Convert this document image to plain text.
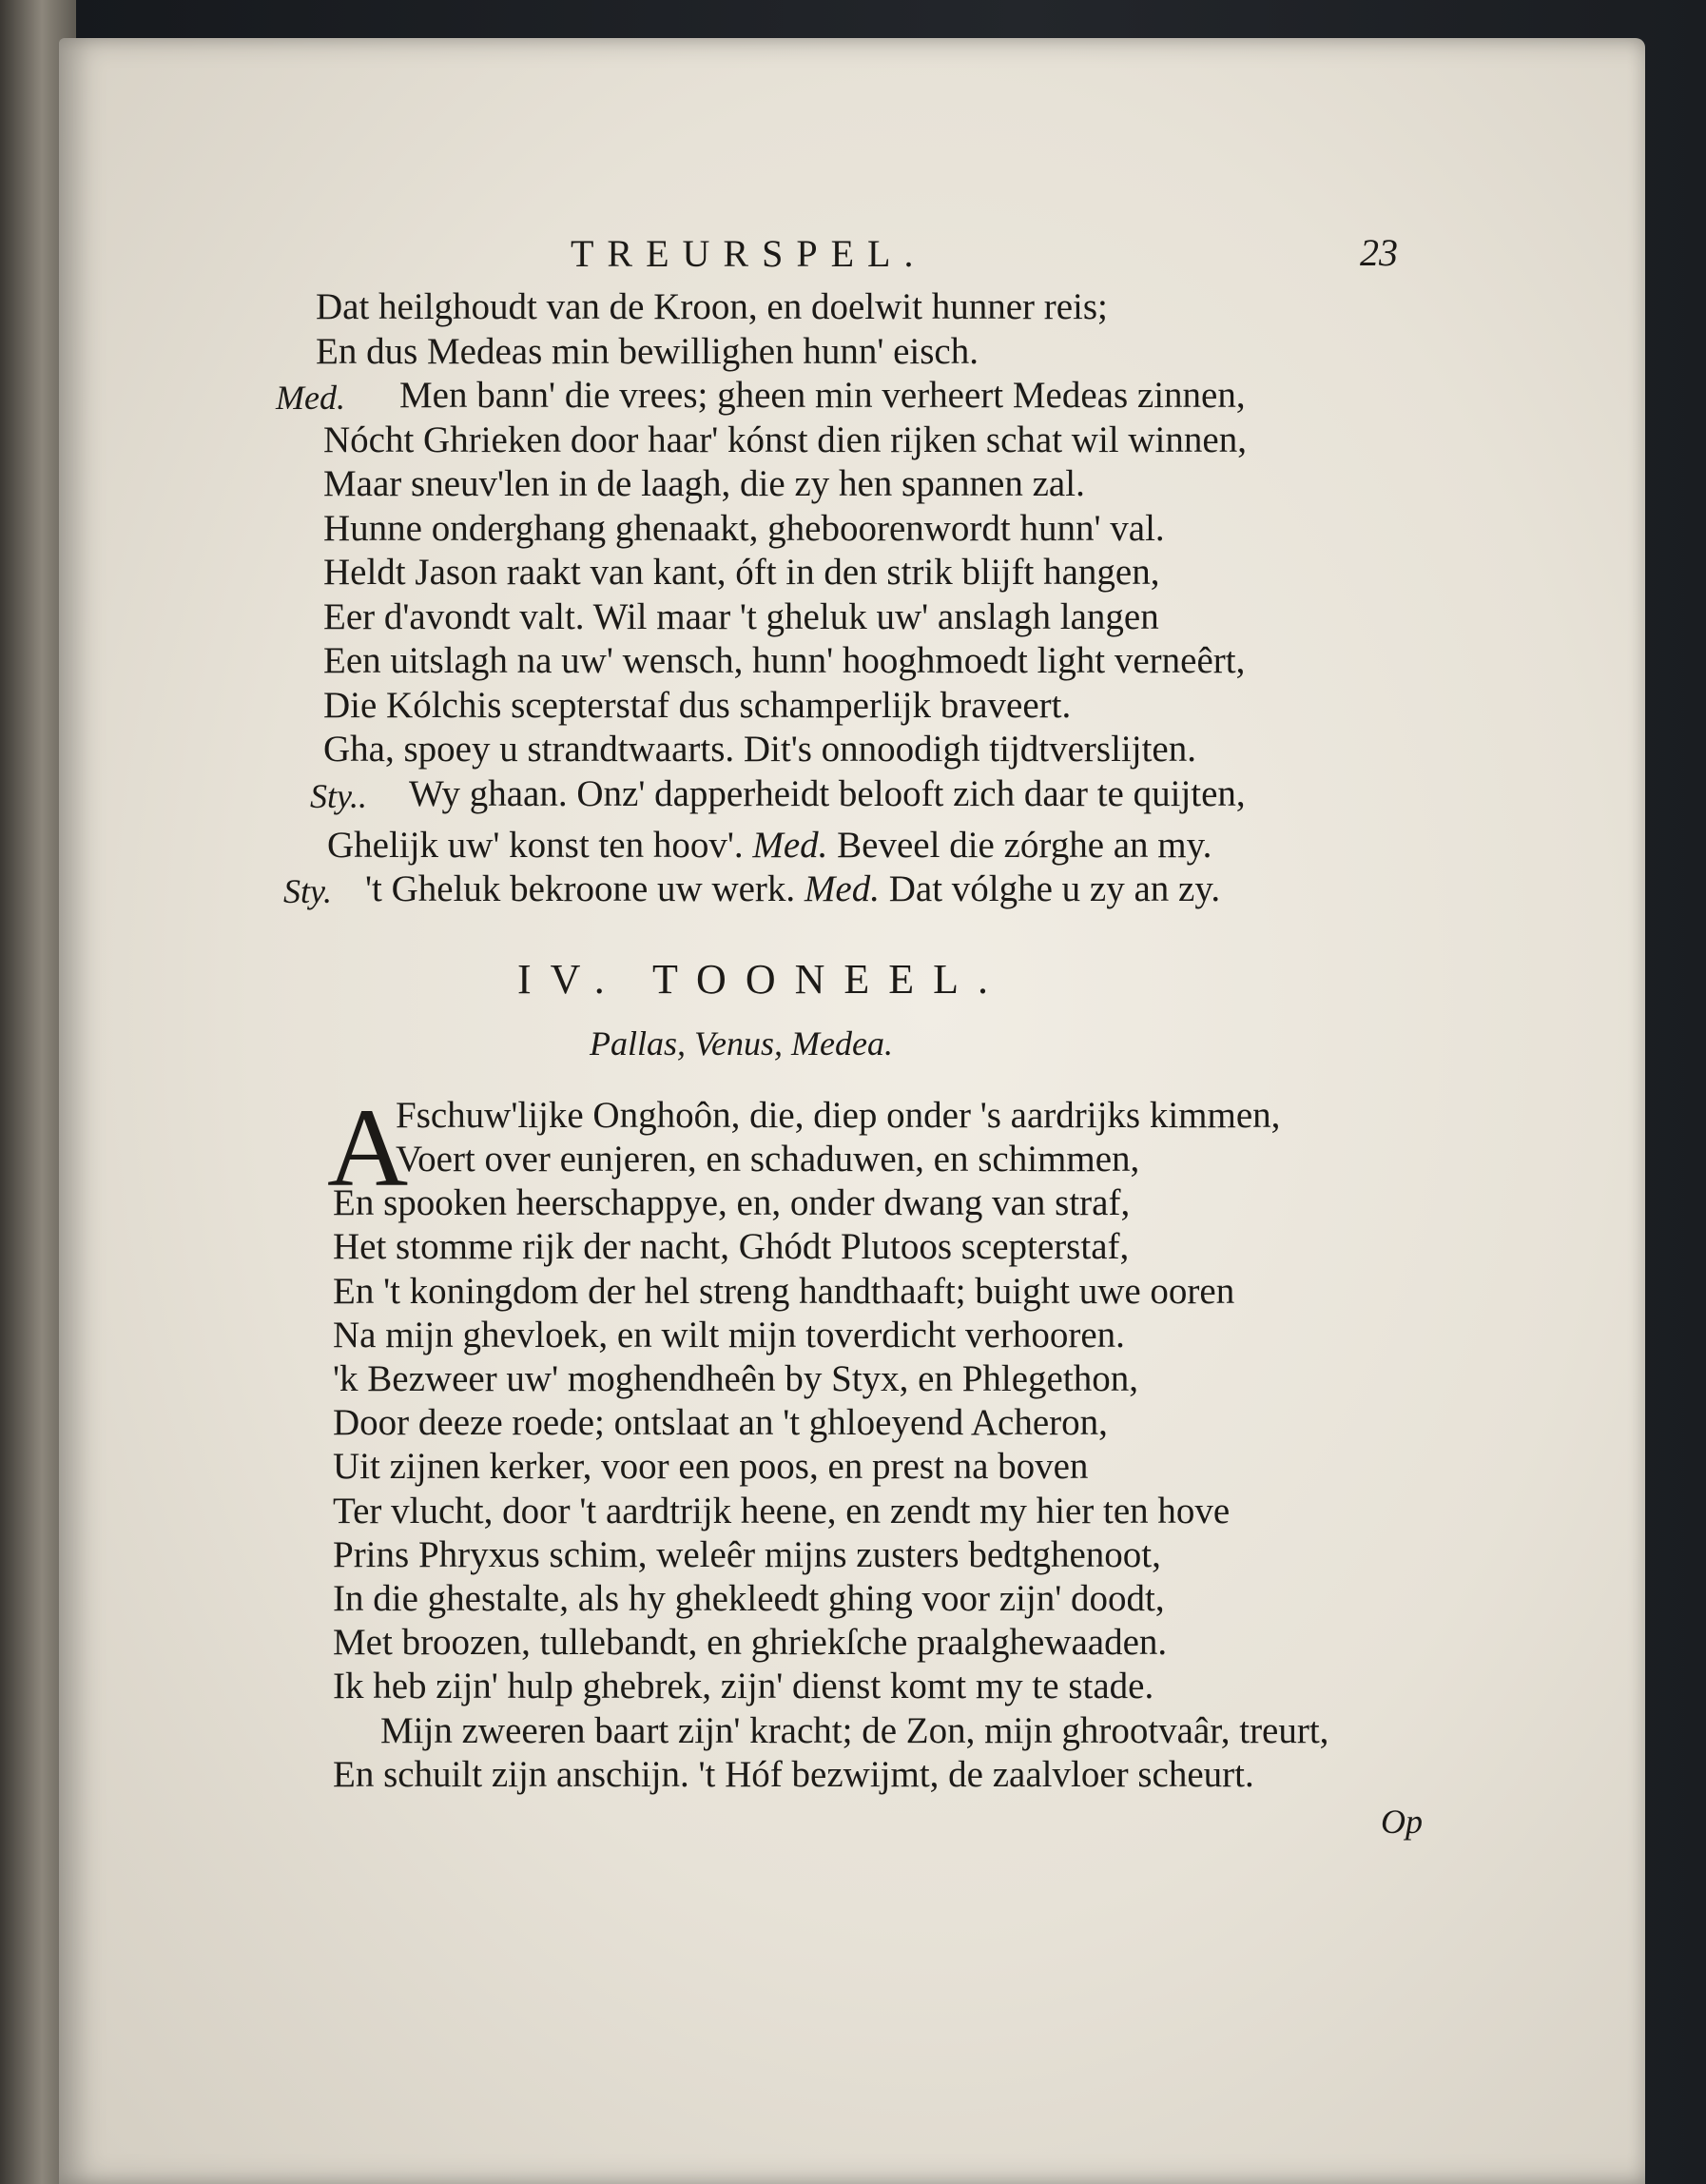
TREURSPEL.	23

Dat heilghoudt van de Kroon, en doelwit hunner reis;

En dus Medeas min bewillighen hunn' eisch.

Med. Men bann' die vrees; gheen min verheert Medeas zinnen,

Nócht Ghrieken door haar' kónst dien rijken schat wil winnen,

Maar sneuv'len in de laagh, die zy hen spannen zal.

Hunne onderghang ghenaakt, gheboorenwordt hunn' val.

Heldt Jason raakt van kant, óft in den strik blijft hangen,

Eer d'avondt valt. Wil maar 't gheluk uw' anslagh langen

Een uitslagh na uw' wensch, hunn' hooghmoedt light verneêrt,

Die Kólchis scepterstaf dus schamperlijk braveert.

Gha, spoey u strandtwaarts. Dit's onnoodigh tijdtverslijten.

Sty.. Wy ghaan. Onz' dapperheidt belooft zich daar te quijten,

Ghelijk uw' konst ten hoov'. Med. Beveel die zórghe an my.

Sty. 't Gheluk bekroone uw werk. Med. Dat vólghe u zy an zy.

IV. TOONEEL.

Pallas, Venus, Medea.

A

Fschuw'lijke Onghoôn, die, diep onder 's aardrijks kimmen,

Voert over eunjeren, en schaduwen, en schimmen,

En spooken heerschappye, en, onder dwang van straf,

Het stomme rijk der nacht, Ghódt Plutoos scepterstaf,

En 't koningdom der hel streng handthaaft; buight uwe ooren

Na mijn ghevloek, en wilt mijn toverdicht verhooren.

'k Bezweer uw' moghendheên by Styx, en Phlegethon,

Door deeze roede; ontslaat an 't ghloeyend Acheron,

Uit zijnen kerker, voor een poos, en prest na boven

Ter vlucht, door 't aardtrijk heene, en zendt my hier ten hove

Prins Phryxus schim, weleêr mijns zusters bedtghenoot,

In die ghestalte, als hy ghekleedt ghing voor zijn' doodt,

Met broozen, tullebandt, en ghriekſche praalghewaaden.

Ik heb zijn' hulp ghebrek, zijn' dienst komt my te stade.

Mijn zweeren baart zijn' kracht; de Zon, mijn ghrootvaâr, treurt,

En schuilt zijn anschijn. 't Hóf bezwijmt, de zaalvloer scheurt.

Op
